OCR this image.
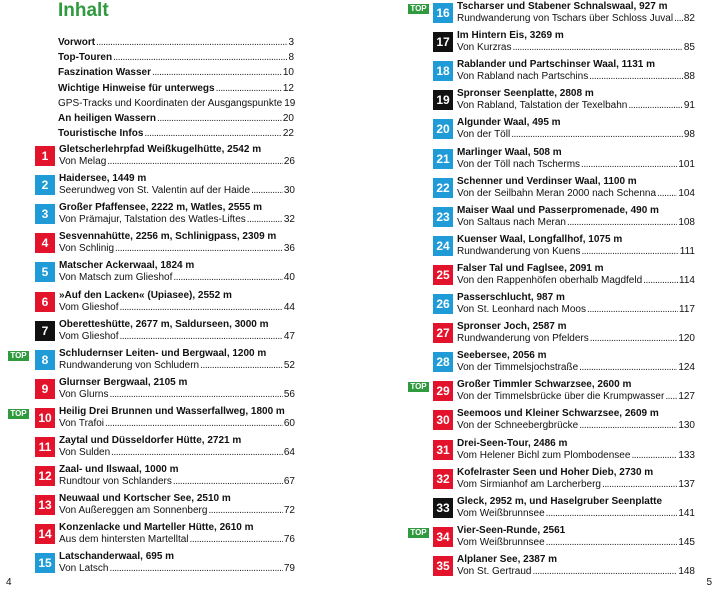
Inhalt
Vorwort . . .	3
Top-Touren . . .	8
Faszination Wasser . . .	10
Wichtige Hinweise für unterwegs . . .	12
GPS-Tracks und Koordinaten der Ausgangspunkte 19
An heiligen Wassern . . .	20
Touristische Infos . . .	22
1	Gletscherlehrpfad Weißkugelhütte, 2542 m
Von Melag . . .	26
2	Haidersee, 1449 m
Seerundweg von St. Valentin auf der Haide . . .	30
3	Großer Pfaffensee, 2222 m, Watles, 2555 m
Von Prämajur, Talstation des Watles-Liftes . . .	32
4	Sesvennahütte, 2256 m, Schlinigpass, 2309 m
Von Schlinig . . .	36
5	Matscher Ackerwaal, 1824 m
Von Matsch zum Glieshof . . .	40
6	»Auf den Lacken« (Upiasee), 2552 m
Vom Glieshof . . .	44
7	Oberetteshütte, 2677 m, Saldurseen, 3000 m
Vom Glieshof . . .	47
8	Schludernser Leiten- und Bergwaal, 1200 m
Rundwanderung von Schludern . . .	52
TOP
9	Glurnser Bergwaal, 2105 m
Von Glurns . . .	56
10 Heilig Drei Brunnen und Wasserfallweg, 1800 m
Von Trafoi . . .	60
TOP
11 Zaytal und Düsseldorfer Hütte, 2721 m
Von Sulden . . .	64
12 Zaal- und Ilswaal, 1000 m
Rundtour von Schlanders . . .	67
13 Neuwaal und Kortscher See, 2510 m
Von Außereggen am Sonnenberg . . .	72
14 Konzenlacke und Marteller Hütte, 2610 m
Aus dem hintersten Martelltal . . .	76
15 Latschanderwaal, 695 m
Von Latsch . . .	79
4
16 Tscharser und Stabener Schnalswaal, 927 m
Rundwanderung von Tschars über Schloss Juval . . . 82
TOP
17 Im Hintern Eis, 3269 m
Von Kurzras . . .	85
18 Rablander und Partschinser Waal, 1131 m
Von Rabland nach Partschins . . .	88
19 Spronser Seenplatte, 2808 m
Von Rabland, Talstation der Texelbahn . . .	91
20 Algunder Waal, 495 m
Von der Töll . . .	98
21 Marlinger Waal, 508 m
Von der Töll nach Tscherms . . .	101
22 Schenner und Verdinser Waal, 1100 m
Von der Seilbahn Meran 2000 nach Schenna . . . 104
23 Maiser Waal und Passerpromenade, 490 m
Von Saltaus nach Meran . . .	108
24 Kuenser Waal, Longfallhof, 1075 m
Rundwanderung von Kuens . . .	111
25 Falser Tal und Faglsee, 2091 m
Von den Rappenhöfen oberhalb Magdfeld . . .	114
26 Passerschlucht, 987 m
Von St. Leonhard nach Moos . . .	117
27 Spronser Joch, 2587 m
Rundwanderung von Pfelders . . .	120
28 Seebersee, 2056 m
Von der Timmelsjochstraße . . .	124
29 Großer Timmler Schwarzsee, 2600 m
Von der Timmelsbrücke über die Krumpwasser . . . 127
TOP
30 Seemoos und Kleiner Schwarzsee, 2609 m
Von der Schneebergbrücke . . .	130
31 Drei-Seen-Tour, 2486 m
Vom Helener Bichl zum Plombodensee . . .	133
32 Kofelraster Seen und Hoher Dieb, 2730 m
Vom Sirmianhof am Larcherberg . . .	137
33 Gleck, 2952 m, und Haselgruber Seenplatte
Vom Weißbrunnsee . . .	141
34 Vier-Seen-Runde, 2561
Vom Weißbrunnsee . . .	145
TOP
35 Alplaner See, 2387 m
Von St. Gertraud . . .	148
5
